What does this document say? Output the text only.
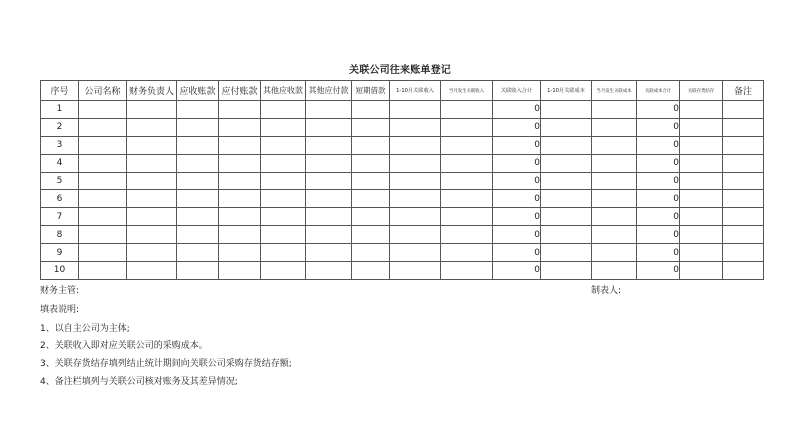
关联公司往来账单登记
序号	公司名称	财务负责人	应收账款	应付账款	其他应收款	其他应付款	短期借款	1-10月关联收入	当月发生关联收入	关联收入合计	1-10月关联成本	当月发生关联成本	关联成本合计	关联存货结存	备注
1										0			0		
2										0			0		
3										0			0		
4										0			0		
5										0			0		
6										0			0		
7										0			0		
8										0			0		
9										0			0		
10										0			0		
财务主管:	制表人:
填表说明:
1、以自主公司为主体;
2、关联收入即对应关联公司的采购成本。
3、关联存货结存填列结止统计期间向关联公司采购存货结存额;
4、备注栏填列与关联公司核对账务及其差异情况;
